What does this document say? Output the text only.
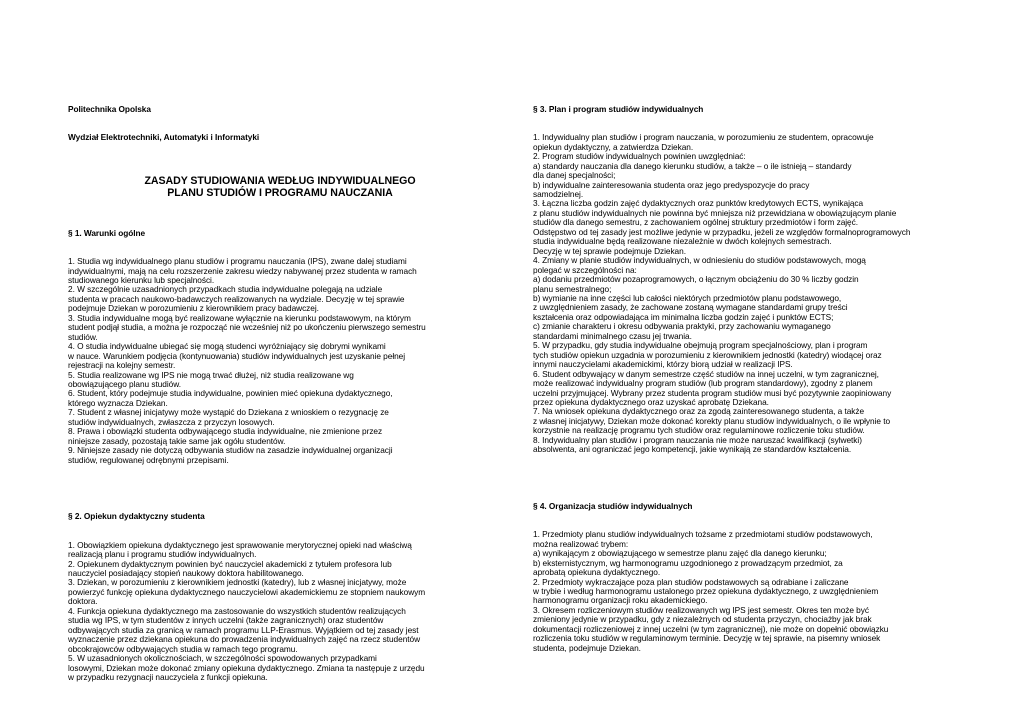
Politechnika Opolska

Wydział Elektrotechniki, Automatyki i Informatyki

ZASADY STUDIOWANIA WEDŁUG INDYWIDUALNEGO
PLANU STUDIÓW I PROGRAMU NAUCZANIA

§ 1. Warunki ogólne

1. Studia wg indywidualnego planu studiów i programu nauczania (IPS), zwane dalej studiami

indywidualnymi, mają na celu rozszerzenie zakresu wiedzy nabywanej przez studenta w ramach

studiowanego kierunku lub specjalności.

2. W szczególnie uzasadnionych przypadkach studia indywidualne polegają na udziale

studenta w pracach naukowo-badawczych realizowanych na wydziale. Decyzję w tej sprawie

podejmuje Dziekan w porozumieniu z kierownikiem pracy badawczej.

3. Studia indywidualne mogą być realizowane wyłącznie na kierunku podstawowym, na którym

student podjął studia, a można je rozpocząć nie wcześniej niż po ukończeniu pierwszego semestru

studiów.

4. O studia indywidualne ubiegać się mogą studenci wyróżniający się dobrymi wynikami

w nauce. Warunkiem podjęcia (kontynuowania) studiów indywidualnych jest uzyskanie pełnej

rejestracji na kolejny semestr.

5. Studia realizowane wg IPS nie mogą trwać dłużej, niż studia realizowane wg

obowiązującego planu studiów.

6. Student, który podejmuje studia indywidualne, powinien mieć opiekuna dydaktycznego,

którego wyznacza Dziekan.

7. Student z własnej inicjatywy może wystąpić do Dziekana z wnioskiem o rezygnację ze

studiów indywidualnych, zwłaszcza z przyczyn losowych.

8. Prawa i obowiązki studenta odbywającego studia indywidualne, nie zmienione przez

niniejsze zasady, pozostają takie same jak ogółu studentów.

9. Niniejsze zasady nie dotyczą odbywania studiów na zasadzie indywidualnej organizacji

studiów, regulowanej odrębnymi przepisami.

§ 2. Opiekun dydaktyczny studenta

1. Obowiązkiem opiekuna dydaktycznego jest sprawowanie merytorycznej opieki nad właściwą

realizacją planu i programu studiów indywidualnych.

2. Opiekunem dydaktycznym powinien być nauczyciel akademicki z tytułem profesora lub

nauczyciel posiadający stopień naukowy doktora habilitowanego.

3. Dziekan, w porozumieniu z kierownikiem jednostki (katedry), lub z własnej inicjatywy, może

powierzyć funkcję opiekuna dydaktycznego nauczycielowi akademickiemu ze stopniem naukowym

doktora.

4. Funkcja opiekuna dydaktycznego ma zastosowanie do wszystkich studentów realizujących

studia wg IPS, w tym studentów z innych uczelni (także zagranicznych) oraz studentów

odbywających studia za granicą w ramach programu LLP-Erasmus. Wyjątkiem od tej zasady jest

wyznaczenie przez dziekana opiekuna do prowadzenia indywidualnych zajęć na rzecz studentów

obcokrajowców odbywających studia w ramach tego programu.

5. W uzasadnionych okolicznościach, w szczególności spowodowanych przypadkami

losowymi, Dziekan może dokonać zmiany opiekuna dydaktycznego. Zmiana ta następuje z urzędu

w przypadku rezygnacji nauczyciela z funkcji opiekuna.

§ 3. Plan i program studiów indywidualnych

1. Indywidualny plan studiów i program nauczania, w porozumieniu ze studentem, opracowuje

opiekun dydaktyczny, a zatwierdza Dziekan.

2. Program studiów indywidualnych powinien uwzględniać:

a) standardy nauczania dla danego kierunku studiów, a także – o ile istnieją – standardy

dla danej specjalności;

b) indywidualne zainteresowania studenta oraz jego predyspozycje do pracy

samodzielnej.

3. Łączna liczba godzin zajęć dydaktycznych oraz punktów kredytowych ECTS, wynikająca

z planu studiów indywidualnych nie powinna być mniejsza niż przewidziana w obowiązującym planie

studiów dla danego semestru, z zachowaniem ogólnej struktury przedmiotów i form zajęć.

Odstępstwo od tej zasady jest możliwe jedynie w przypadku, jeżeli ze względów formalnoprogramowych

studia indywidualne będą realizowane niezależnie w dwóch kolejnych semestrach.

Decyzję w tej sprawie podejmuje Dziekan.

4. Zmiany w planie studiów indywidualnych, w odniesieniu do studiów podstawowych, mogą

polegać w szczególności na:

a) dodaniu przedmiotów pozaprogramowych, o łącznym obciążeniu do 30 % liczby godzin

planu semestralnego;

b) wymianie na inne części lub całości niektórych przedmiotów planu podstawowego,

z uwzględnieniem zasady, że zachowane zostaną wymagane standardami grupy treści

kształcenia oraz odpowiadająca im minimalna liczba godzin zajęć i punktów ECTS;

c) zmianie charakteru i okresu odbywania praktyki, przy zachowaniu wymaganego

standardami minimalnego czasu jej trwania.

5. W przypadku, gdy studia indywidualne obejmują program specjalnościowy, plan i program

tych studiów opiekun uzgadnia w porozumieniu z kierownikiem jednostki (katedry) wiodącej oraz

innymi nauczycielami akademickimi, którzy biorą udział w realizacji IPS.

6. Student odbywający w danym semestrze część studiów na innej uczelni, w tym zagranicznej,

może realizować indywidualny program studiów (lub program standardowy), zgodny z planem

uczelni przyjmującej. Wybrany przez studenta program studiów musi być pozytywnie zaopiniowany

przez opiekuna dydaktycznego oraz uzyskać aprobatę Dziekana.

7. Na wniosek opiekuna dydaktycznego oraz za zgodą zainteresowanego studenta, a także

z własnej inicjatywy, Dziekan może dokonać korekty planu studiów indywidualnych, o ile wpłynie to

korzystnie na realizację programu tych studiów oraz regulaminowe rozliczenie toku studiów.

8. Indywidualny plan studiów i program nauczania nie może naruszać kwalifikacji (sylwetki)

absolwenta, ani ograniczać jego kompetencji, jakie wynikają ze standardów kształcenia.

§ 4. Organizacja studiów indywidualnych

1. Przedmioty planu studiów indywidualnych tożsame z przedmiotami studiów podstawowych,

można realizować trybem:

a) wynikającym z obowiązującego w semestrze planu zajęć dla danego kierunku;

b) eksternistycznym, wg harmonogramu uzgodnionego z prowadzącym przedmiot, za

aprobatą opiekuna dydaktycznego.

2. Przedmioty wykraczające poza plan studiów podstawowych są odrabiane i zaliczane

w trybie i według harmonogramu ustalonego przez opiekuna dydaktycznego, z uwzględnieniem

harmonogramu organizacji roku akademickiego.

3. Okresem rozliczeniowym studiów realizowanych wg IPS jest semestr. Okres ten może być

zmieniony jedynie w przypadku, gdy z niezależnych od studenta przyczyn, chociażby jak brak

dokumentacji rozliczeniowej z innej uczelni (w tym zagranicznej), nie może on dopełnić obowiązku

rozliczenia toku studiów w regulaminowym terminie. Decyzję w tej sprawie, na pisemny wniosek

studenta, podejmuje Dziekan.
